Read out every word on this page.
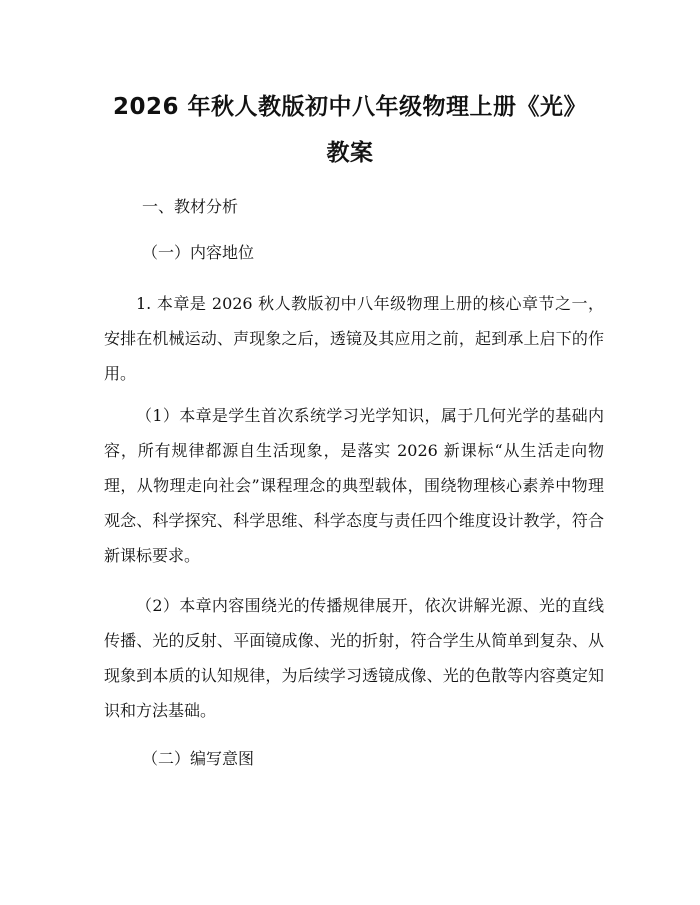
2026 年秋人教版初中八年级物理上册《光》
教案

一、教材分析

（一）内容地位

1. 本章是 2026 秋人教版初中八年级物理上册的核心章节之一，安排在机械运动、声现象之后，透镜及其应用之前，起到承上启下的作用。

（1）本章是学生首次系统学习光学知识，属于几何光学的基础内容，所有规律都源自生活现象，是落实 2026 新课标“从生活走向物理，从物理走向社会”课程理念的典型载体，围绕物理核心素养中物理观念、科学探究、科学思维、科学态度与责任四个维度设计教学，符合新课标要求。

（2）本章内容围绕光的传播规律展开，依次讲解光源、光的直线传播、光的反射、平面镜成像、光的折射，符合学生从简单到复杂、从现象到本质的认知规律，为后续学习透镜成像、光的色散等内容奠定知识和方法基础。

（二）编写意图
